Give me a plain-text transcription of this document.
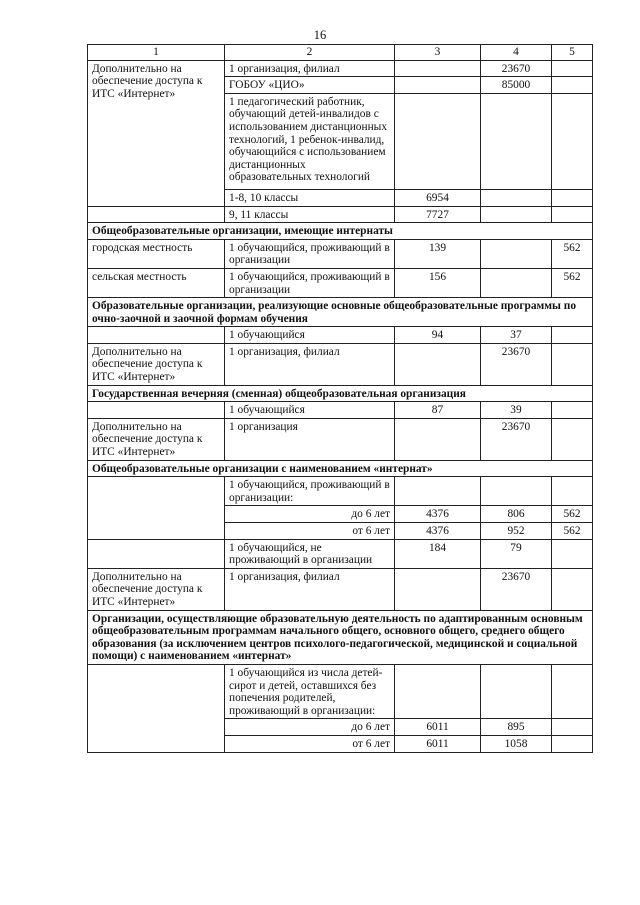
16
1	2	3	4	5
Дополнительно на обеспечение доступа к ИТС «Интернет»	1 организация, филиал		23670	
	ГОБОУ «ЦИО»		85000	
	1 педагогический работник, обучающий детей-инвалидов с использованием дистанционных технологий, 1 ребенок-инвалид, обучающийся с использованием дистанционных образовательных технологий			
	1-8, 10 классы	6954		
	9, 11 классы	7727		
Общеобразовательные организации, имеющие интернаты				
городская местность	1 обучающийся, проживающий в организации	139		562
сельская местность	1 обучающийся, проживающий в организации	156		562
Образовательные организации, реализующие основные общеобразовательные программы по очно-заочной и заочной формам обучения				
	1 обучающийся	94	37	
Дополнительно на обеспечение доступа к ИТС «Интернет»	1 организация, филиал		23670	
Государственная вечерняя (сменная) общеобразовательная организация				
	1 обучающийся	87	39	
Дополнительно на обеспечение доступа к ИТС «Интернет»	1 организация		23670	
Общеобразовательные организации с наименованием «интернат»				
	1 обучающийся, проживающий в организации:			
	до 6 лет	4376	806	562
	от 6 лет	4376	952	562
	1 обучающийся, не проживающий в организации	184	79	
Дополнительно на обеспечение доступа к ИТС «Интернет»	1 организация, филиал		23670	
Организации, осуществляющие образовательную деятельность по адаптированным основным общеобразовательным программам начального общего, основного общего, среднего общего образования (за исключением центров психолого-педагогической, медицинской и социальной помощи) с наименованием «интернат»				
	1 обучающийся из числа детей-сирот и детей, оставшихся без попечения родителей, проживающий в организации:			
	до 6 лет	6011	895	
	от 6 лет	6011	1058	
